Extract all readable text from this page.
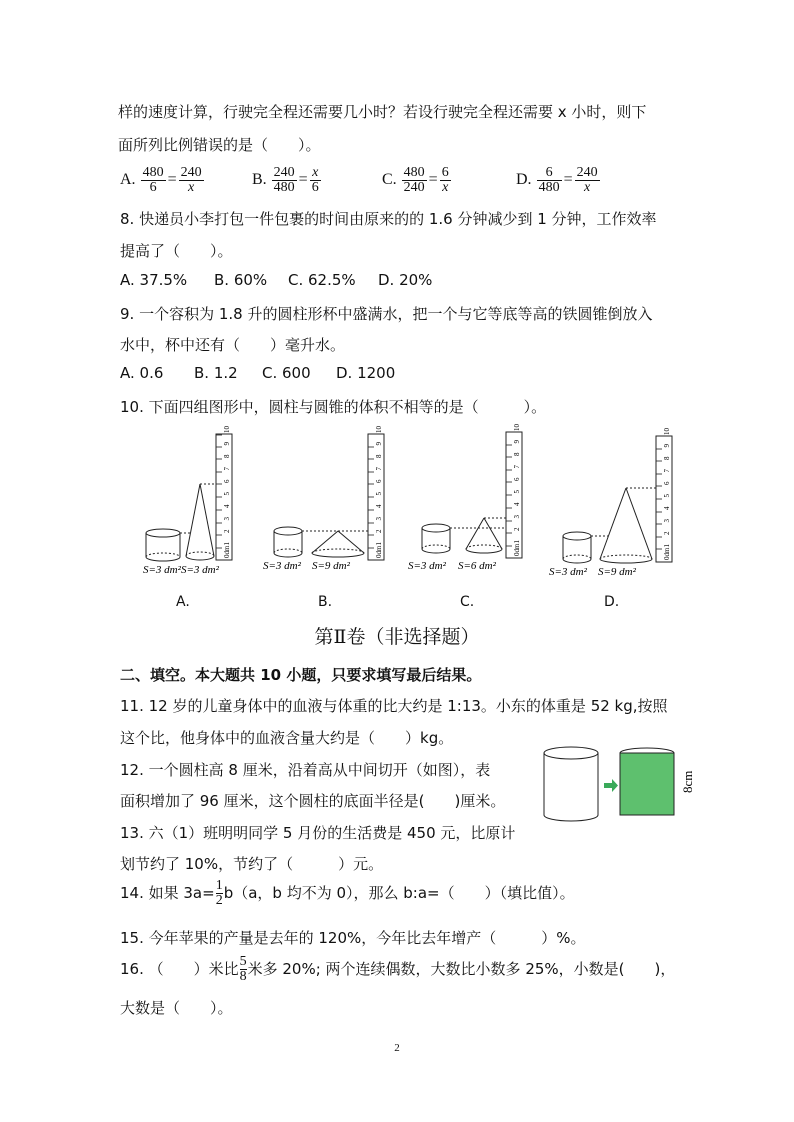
样的速度计算，行驶完全程还需要几小时？若设行驶完全程还需要 x 小时，则下
面所列比例错误的是（　　）。
A. $\frac{480}{6} = \frac{240}{x}$	B. $\frac{240}{480} = \frac{x}{6}$	C. $\frac{480}{240} = \frac{6}{x}$	D. $\frac{6}{480} = \frac{240}{x}$
8. 快递员小李打包一件包裹的时间由原来的的 1.6 分钟减少到 1 分钟，工作效率
提高了（　　）。
A. 37.5% B. 60% C. 62.5% D. 20%
9. 一个容积为 1.8 升的圆柱形杯中盛满水，把一个与它等底等高的铁圆锥倒放入
水中，杯中还有（　　）毫升水。
A. 0.6 B. 1.2 C. 600 D. 1200
10. 下面四组图形中，圆柱与圆锥的体积不相等的是（　　　）。
S=3 dm² S=3 dm²	S=3 dm² S=9 dm²	S=3 dm² S=6 dm²	S=3 dm² S=9 dm²
0dm
1
2
3
4
5
6
7
8
9
10
0dm
1
2
3
4
5
6
7
8
9
10
0dm
1
2
3
4
5
6
7
8
9
10
0dm
1
2
3
4
5
6
7
8
9
10
A.	B.	C.	D.
第Ⅱ卷（非选择题）
二、填空。本大题共 10 小题，只要求填写最后结果。
11. 12 岁的儿童身体中的血液与体重的比大约是 1:13。小东的体重是 52 kg,按照
这个比，他身体中的血液含量大约是（　　）kg。
12. 一个圆柱高 8 厘米，沿着高从中间切开（如图），表
面积增加了 96 厘米，这个圆柱的底面半径是(　　)厘米。
8cm
13. 六（1）班明明同学 5 月份的生活费是 450 元，比原计
划节约了 10%，节约了（　　　）元。
14. 如果 $3a= \frac{1}{2} b(a$，b 均不为 0），那么 b:a=（　　）（填比值）。
15. 今年苹果的产量是去年的 120%，今年比去年增产（　　　）%。
16. （　　）米比 $\frac{5}{8}$ 米多 20%; 两个连续偶数，大数比小数多 25%，小数是(　　)，
大数是（　　）。
2
